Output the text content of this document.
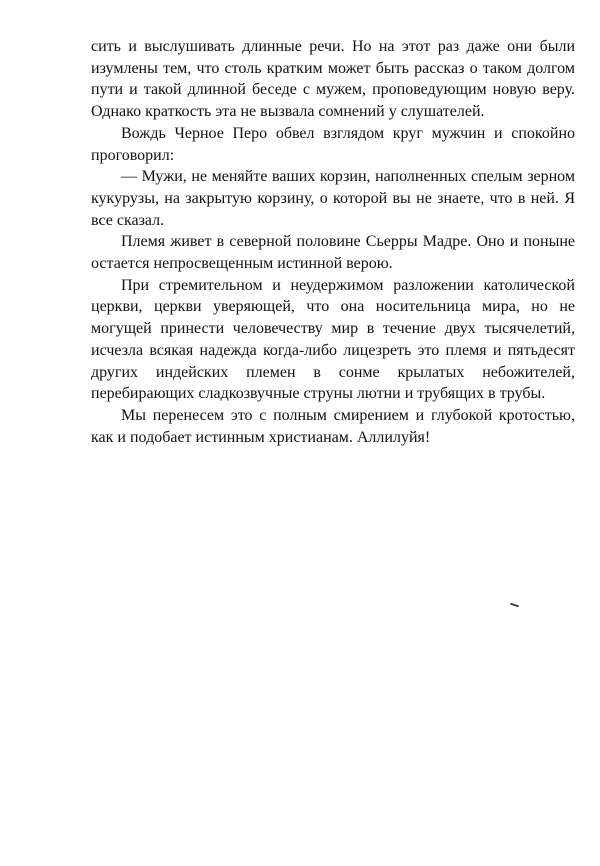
сить и выслушивать длинные речи. Но на этот раз даже они были изумлены тем, что столь кратким может быть рассказ о таком долгом пути и такой длинной беседе с мужем, проповедующим новую веру. Однако краткость эта не вызвала сомнений у слушателей.

Вождь Черное Перо обвел взглядом круг мужчин и спокойно проговорил:

— Мужи, не меняйте ваших корзин, наполненных спелым зерном кукурузы, на закрытую корзину, о которой вы не знаете, что в ней. Я все сказал.

Племя живет в северной половине Сьерры Мадре. Оно и поныне остается непросвещенным истинной верою.

При стремительном и неудержимом разложении католической церкви, церкви уверяющей, что она носительница мира, но не могущей принести человечеству мир в течение двух тысячелетий, исчезла всякая надежда когда-либо лицезреть это племя и пятьдесят других индейских племен в сонме крылатых небожителей, перебирающих сладкозвучные струны лютни и трубящих в трубы.

Мы перенесем это с полным смирением и глубокой кротостью, как и подобает истинным христианам. Аллилуйя!
